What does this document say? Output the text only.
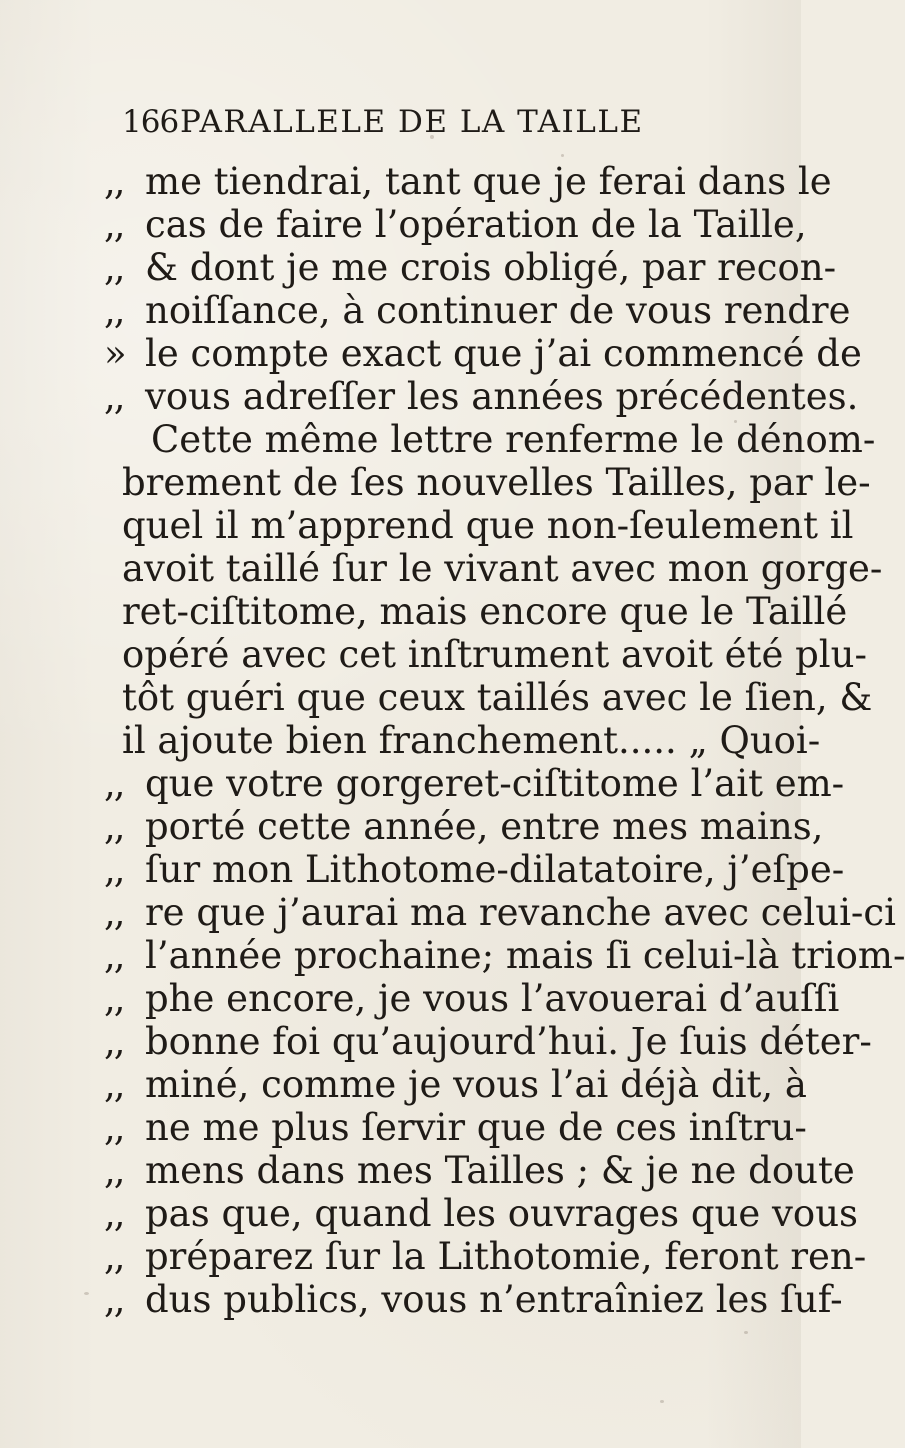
166 PARALLELE DE LA TAILLE
,, me tiendrai, tant que je ferai dans le
,, cas de faire l’opération de la Taille,
,, & dont je me crois obligé, par recon-
,, noiſſance, à continuer de vous rendre
» le compte exact que j’ai commencé de
,, vous adreſſer les années précédentes.
Cette même lettre renferme le dénom-
brement de ſes nouvelles Tailles, par le-
quel il m’apprend que non-ſeulement il
avoit taillé ſur le vivant avec mon gorge-
ret-ciſtitome, mais encore que le Taillé
opéré avec cet inſtrument avoit été plu-
tôt guéri que ceux taillés avec le ſien, &
il ajoute bien franchement..... „ Quoi-
,, que votre gorgeret-ciſtitome l’ait em-
,, porté cette année, entre mes mains,
,, ſur mon Lithotome-dilatatoire, j’eſpe-
,, re que j’aurai ma revanche avec celui-ci
,, l’année prochaine; mais ſi celui-là triom-
,, phe encore, je vous l’avouerai d’auſſi
,, bonne foi qu’aujourd’hui. Je ſuis déter-
,, miné, comme je vous l’ai déjà dit, à
,, ne me plus ſervir que de ces inſtru-
,, mens dans mes Tailles ; & je ne doute
,, pas que, quand les ouvrages que vous
,, préparez ſur la Lithotomie, feront ren-
,, dus publics, vous n’entraîniez les ſuf-
